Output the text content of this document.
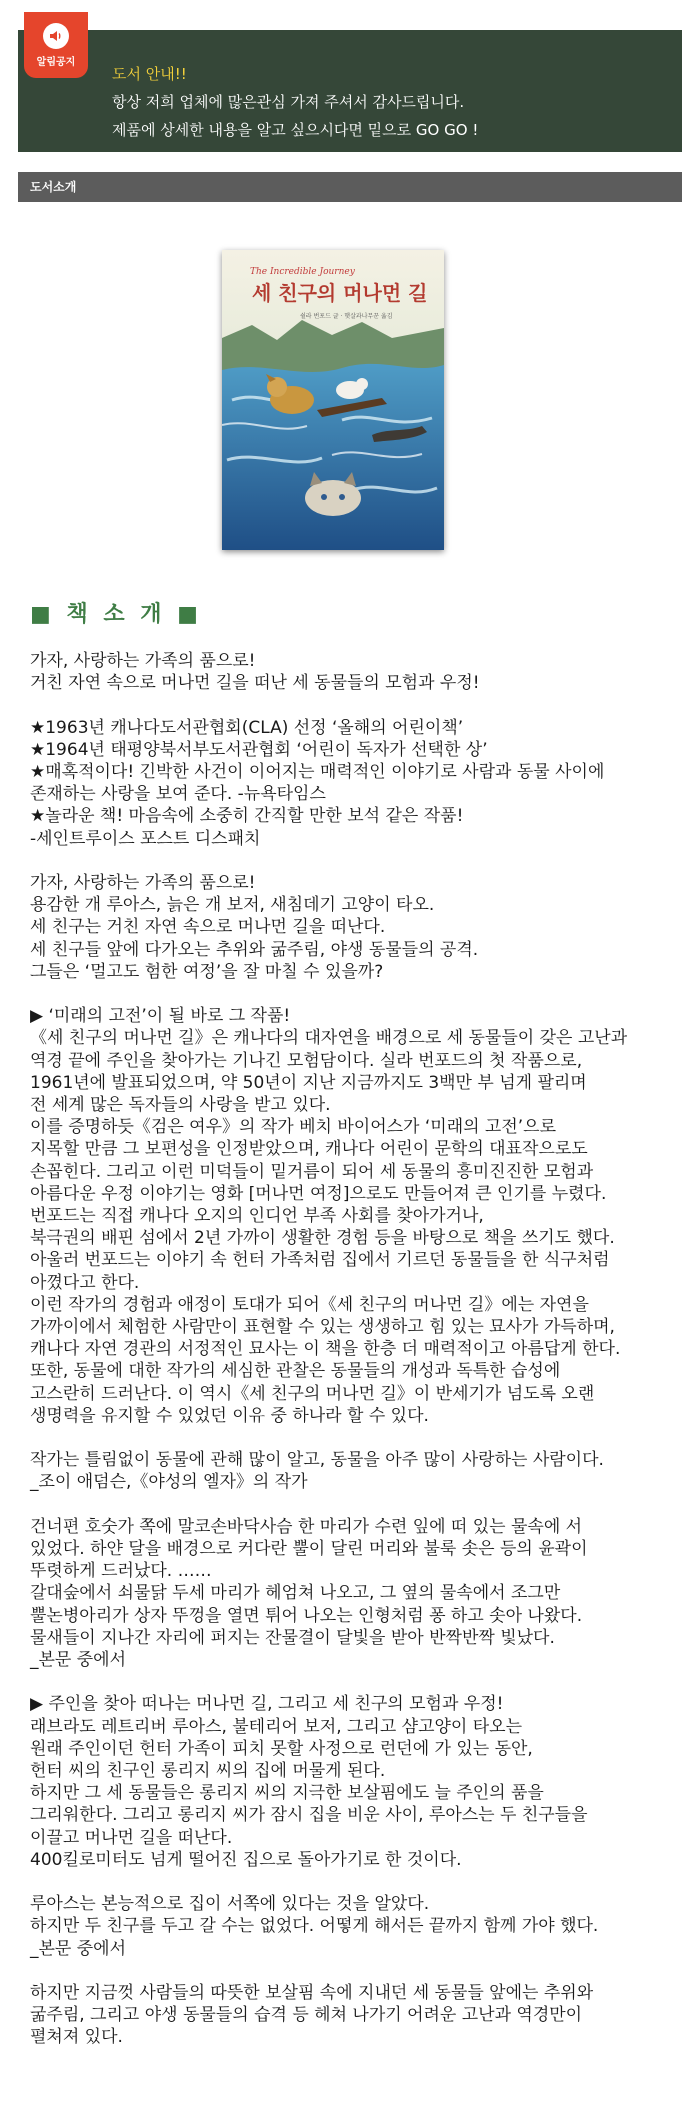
알림공지
도서 안내!!
항상 저희 업체에 많은관심 가져 주셔서 감사드립니다.
제품에 상세한 내용을 알고 싶으시다면 밑으로 GO GO !
도서소개
The Incredible Journey
세 친구의 머나먼 길
쉴라 번포드 글 · 햇살과나무꾼 옮김
■ 책 소 개 ■
가자, 사랑하는 가족의 품으로!
거친 자연 속으로 머나먼 길을 떠난 세 동물들의 모험과 우정!
★1963년 캐나다도서관협회(CLA) 선정 ‘올해의 어린이책’
★1964년 태평양북서부도서관협회 ‘어린이 독자가 선택한 상’
★매혹적이다! 긴박한 사건이 이어지는 매력적인 이야기로 사람과 동물 사이에
존재하는 사랑을 보여 준다. -뉴욕타임스
★놀라운 책! 마음속에 소중히 간직할 만한 보석 같은 작품!
-세인트루이스 포스트 디스패치
가자, 사랑하는 가족의 품으로!
용감한 개 루아스, 늙은 개 보저, 새침데기 고양이 타오.
세 친구는 거친 자연 속으로 머나먼 길을 떠난다.
세 친구들 앞에 다가오는 추위와 굶주림, 야생 동물들의 공격.
그들은 ‘멀고도 험한 여정’을 잘 마칠 수 있을까?
▶ ‘미래의 고전’이 될 바로 그 작품!
《세 친구의 머나먼 길》은 캐나다의 대자연을 배경으로 세 동물들이 갖은 고난과
역경 끝에 주인을 찾아가는 기나긴 모험담이다. 실라 번포드의 첫 작품으로,
1961년에 발표되었으며, 약 50년이 지난 지금까지도 3백만 부 넘게 팔리며
전 세계 많은 독자들의 사랑을 받고 있다.
이를 증명하듯《검은 여우》의 작가 베치 바이어스가 ‘미래의 고전’으로
지목할 만큼 그 보편성을 인정받았으며, 캐나다 어린이 문학의 대표작으로도
손꼽힌다. 그리고 이런 미덕들이 밑거름이 되어 세 동물의 흥미진진한 모험과
아름다운 우정 이야기는 영화 [머나먼 여정]으로도 만들어져 큰 인기를 누렸다.
번포드는 직접 캐나다 오지의 인디언 부족 사회를 찾아가거나,
북극권의 배핀 섬에서 2년 가까이 생활한 경험 등을 바탕으로 책을 쓰기도 했다.
아울러 번포드는 이야기 속 헌터 가족처럼 집에서 기르던 동물들을 한 식구처럼
아꼈다고 한다.
이런 작가의 경험과 애정이 토대가 되어《세 친구의 머나먼 길》에는 자연을
가까이에서 체험한 사람만이 표현할 수 있는 생생하고 힘 있는 묘사가 가득하며,
캐나다 자연 경관의 서정적인 묘사는 이 책을 한층 더 매력적이고 아름답게 한다.
또한, 동물에 대한 작가의 세심한 관찰은 동물들의 개성과 독특한 습성에
고스란히 드러난다. 이 역시《세 친구의 머나먼 길》이 반세기가 넘도록 오랜
생명력을 유지할 수 있었던 이유 중 하나라 할 수 있다.
작가는 틀림없이 동물에 관해 많이 알고, 동물을 아주 많이 사랑하는 사람이다.
_조이 애덤슨,《야성의 엘자》의 작가
건너편 호숫가 쪽에 말코손바닥사슴 한 마리가 수련 잎에 떠 있는 물속에 서
있었다. 하얀 달을 배경으로 커다란 뿔이 달린 머리와 불룩 솟은 등의 윤곽이
뚜렷하게 드러났다. ……
갈대숲에서 쇠물닭 두세 마리가 헤엄쳐 나오고, 그 옆의 물속에서 조그만
뿔논병아리가 상자 뚜껑을 열면 튀어 나오는 인형처럼 퐁 하고 솟아 나왔다.
물새들이 지나간 자리에 퍼지는 잔물결이 달빛을 받아 반짝반짝 빛났다.
_본문 중에서
▶ 주인을 찾아 떠나는 머나먼 길, 그리고 세 친구의 모험과 우정!
래브라도 레트리버 루아스, 불테리어 보저, 그리고 샴고양이 타오는
원래 주인이던 헌터 가족이 피치 못할 사정으로 런던에 가 있는 동안,
헌터 씨의 친구인 롱리지 씨의 집에 머물게 된다.
하지만 그 세 동물들은 롱리지 씨의 지극한 보살핌에도 늘 주인의 품을
그리워한다. 그리고 롱리지 씨가 잠시 집을 비운 사이, 루아스는 두 친구들을
이끌고 머나먼 길을 떠난다.
400킬로미터도 넘게 떨어진 집으로 돌아가기로 한 것이다.
루아스는 본능적으로 집이 서쪽에 있다는 것을 알았다.
하지만 두 친구를 두고 갈 수는 없었다. 어떻게 해서든 끝까지 함께 가야 했다.
_본문 중에서
하지만 지금껏 사람들의 따뜻한 보살핌 속에 지내던 세 동물들 앞에는 추위와
굶주림, 그리고 야생 동물들의 습격 등 헤쳐 나가기 어려운 고난과 역경만이
펼쳐져 있다.
